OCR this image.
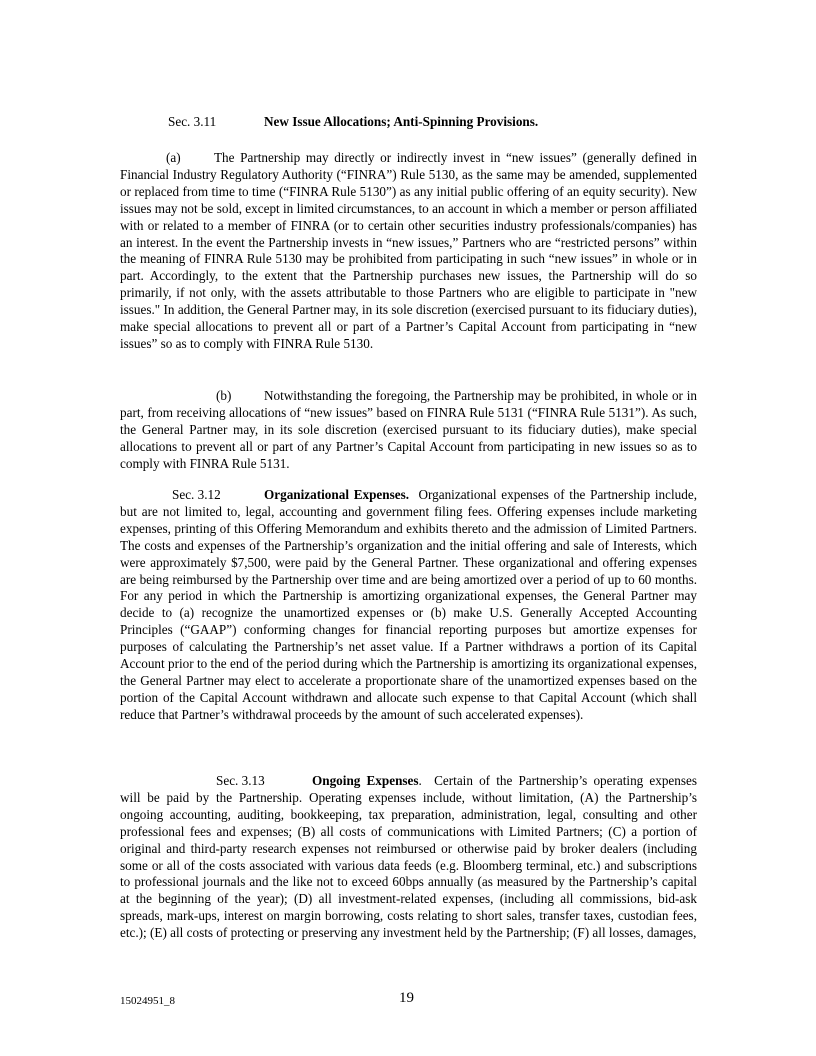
Sec. 3.11	New Issue Allocations; Anti-Spinning Provisions.

(a)	The Partnership may directly or indirectly invest in “new issues” (generally defined in Financial Industry Regulatory Authority (“FINRA”) Rule 5130, as the same may be amended, supplemented or replaced from time to time (“FINRA Rule 5130”) as any initial public offering of an equity security). New issues may not be sold, except in limited circumstances, to an account in which a member or person affiliated with or related to a member of FINRA (or to certain other securities industry professionals/companies) has an interest. In the event the Partnership invests in “new issues,” Partners who are “restricted persons” within the meaning of FINRA Rule 5130 may be prohibited from participating in such “new issues” in whole or in part. Accordingly, to the extent that the Partnership purchases new issues, the Partnership will do so primarily, if not only, with the assets attributable to those Partners who are eligible to participate in "new issues." In addition, the General Partner may, in its sole discretion (exercised pursuant to its fiduciary duties), make special allocations to prevent all or part of a Partner’s Capital Account from participating in “new issues” so as to comply with FINRA Rule 5130.

(b) Notwithstanding the foregoing, the Partnership may be prohibited, in whole or in part, from receiving allocations of “new issues” based on FINRA Rule 5131 (“FINRA Rule 5131”). As such, the General Partner may, in its sole discretion (exercised pursuant to its fiduciary duties), make special allocations to prevent all or part of any Partner’s Capital Account from participating in new issues so as to comply with FINRA Rule 5131.

Sec. 3.12	Organizational Expenses. Organizational expenses of the Partnership include, but are not limited to, legal, accounting and government filing fees. Offering expenses include marketing expenses, printing of this Offering Memorandum and exhibits thereto and the admission of Limited Partners. The costs and expenses of the Partnership’s organization and the initial offering and sale of Interests, which were approximately $7,500, were paid by the General Partner. These organizational and offering expenses are being reimbursed by the Partnership over time and are being amortized over a period of up to 60 months. For any period in which the Partnership is amortizing organizational expenses, the General Partner may decide to (a) recognize the unamortized expenses or (b) make U.S. Generally Accepted Accounting Principles (“GAAP”) conforming changes for financial reporting purposes but amortize expenses for purposes of calculating the Partnership’s net asset value. If a Partner withdraws a portion of its Capital Account prior to the end of the period during which the Partnership is amortizing its organizational expenses, the General Partner may elect to accelerate a proportionate share of the unamortized expenses based on the portion of the Capital Account withdrawn and allocate such expense to that Capital Account (which shall reduce that Partner’s withdrawal proceeds by the amount of such accelerated expenses).

Sec. 3.13	Ongoing Expenses. Certain of the Partnership’s operating expenses will be paid by the Partnership. Operating expenses include, without limitation, (A) the Partnership’s ongoing accounting, auditing, bookkeeping, tax preparation, administration, legal, consulting and other professional fees and expenses; (B) all costs of communications with Limited Partners; (C) a portion of original and third-party research expenses not reimbursed or otherwise paid by broker dealers (including some or all of the costs associated with various data feeds (e.g. Bloomberg terminal, etc.) and subscriptions to professional journals and the like not to exceed 60bps annually (as measured by the Partnership’s capital at the beginning of the year); (D) all investment-related expenses, (including all commissions, bid-ask spreads, mark-ups, interest on margin borrowing, costs relating to short sales, transfer taxes, custodian fees, etc.); (E) all costs of protecting or preserving any investment held by the Partnership; (F) all losses, damages,

15024951_8	19
